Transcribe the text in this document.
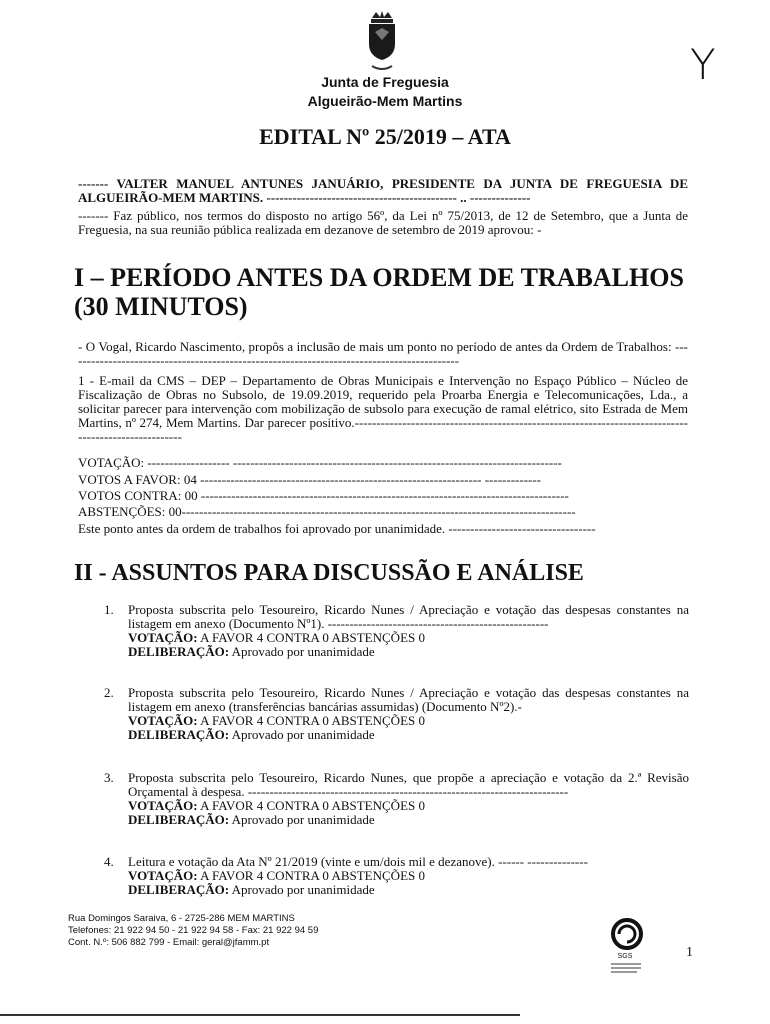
Y
Junta de Freguesia
Algueirão-Mem Martins
EDITAL Nº 25/2019 – ATA
------- VALTER MANUEL ANTUNES JANUÁRIO, PRESIDENTE DA JUNTA DE FREGUESIA DE ALGUEIRÃO-MEM MARTINS. -------------------------------------------- .. --------------
------- Faz público, nos termos do disposto no artigo 56º, da Lei nº 75/2013, de 12 de Setembro, que a Junta de Freguesia, na sua reunião pública realizada em dezanove de setembro de 2019 aprovou: -
I – PERÍODO ANTES DA ORDEM DE TRABALHOS (30 MINUTOS)
- O Vogal, Ricardo Nascimento, propôs a inclusão de mais um ponto no período de antes da Ordem de Trabalhos: -------------------------------------------------------------------------------------------
1 - E-mail da CMS – DEP – Departamento de Obras Municipais e Intervenção no Espaço Público – Núcleo de Fiscalização de Obras no Subsolo, de 19.09.2019, requerido pela Proarba Energia e Telecomunicações, Lda., a solicitar parecer para intervenção com mobilização de subsolo para execução de ramal elétrico, sito Estrada de Mem Martins, nº 274, Mem Martins. Dar parecer positivo.-----------------------------------------------------------------------------------------------------
VOTAÇÃO: ------------------- ----------------------------------------------------------------------------
VOTOS A FAVOR: 04 ----------------------------------------------------------------- -------------
VOTOS CONTRA: 00 -------------------------------------------------------------------------------------
ABSTENÇÕES: 00-------------------------------------------------------------------------------------------
Este ponto antes da ordem de trabalhos foi aprovado por unanimidade. ----------------------------------
II - ASSUNTOS PARA DISCUSSÃO E ANÁLISE
1. Proposta subscrita pelo Tesoureiro, Ricardo Nunes / Apreciação e votação das despesas constantes na listagem em anexo (Documento Nº1). ---------------------------------------------------
VOTAÇÃO: A FAVOR 4 CONTRA 0 ABSTENÇÕES 0
DELIBERAÇÃO: Aprovado por unanimidade
2. Proposta subscrita pelo Tesoureiro, Ricardo Nunes / Apreciação e votação das despesas constantes na listagem em anexo (transferências bancárias assumidas) (Documento Nº2).-
VOTAÇÃO: A FAVOR 4 CONTRA 0 ABSTENÇÕES 0
DELIBERAÇÃO: Aprovado por unanimidade
3. Proposta subscrita pelo Tesoureiro, Ricardo Nunes, que propõe a apreciação e votação da 2.ª Revisão Orçamental à despesa. --------------------------------------------------------------------------
VOTAÇÃO: A FAVOR 4 CONTRA 0 ABSTENÇÕES 0
DELIBERAÇÃO: Aprovado por unanimidade
4. Leitura e votação da Ata Nº 21/2019 (vinte e um/dois mil e dezanove). ------ --------------
VOTAÇÃO: A FAVOR 4 CONTRA 0 ABSTENÇÕES 0
DELIBERAÇÃO: Aprovado por unanimidade
Rua Domingos Saraiva, 6 - 2725-286 MEM MARTINS
Telefones: 21 922 94 50 - 21 922 94 58 - Fax: 21 922 94 59
Cont. N.º: 506 882 799 - Email: geral@jfamm.pt
SGS	1
